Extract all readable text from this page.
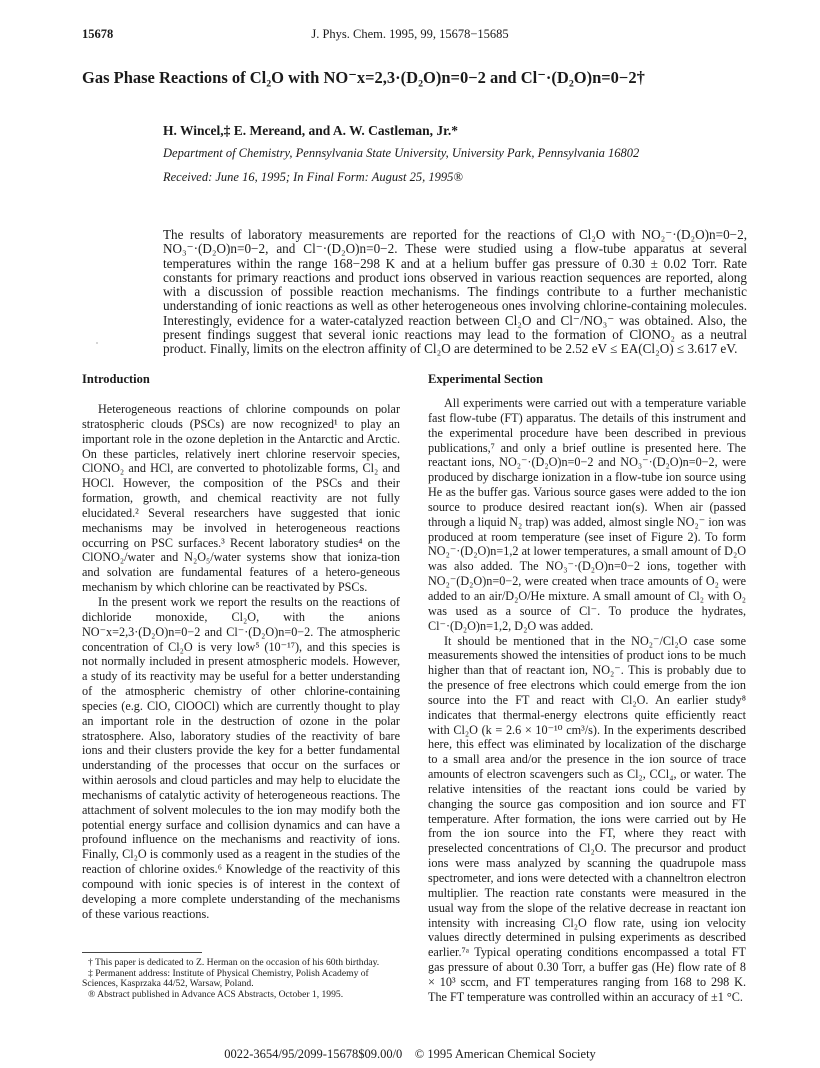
J. Phys. Chem. 1995, 99, 15678−15685
15678
Gas Phase Reactions of Cl₂O with NO⁻x=2,3·(D₂O)n=0−2 and Cl⁻·(D₂O)n=0−2†
H. Wincel,‡ E. Mereand, and A. W. Castleman, Jr.*
Department of Chemistry, Pennsylvania State University, University Park, Pennsylvania 16802
Received: June 16, 1995; In Final Form: August 25, 1995®
The results of laboratory measurements are reported for the reactions of Cl₂O with NO₂⁻·(D₂O)n=0−2, NO₃⁻·(D₂O)n=0−2, and Cl⁻·(D₂O)n=0−2. These were studied using a flow-tube apparatus at several temperatures within the range 168−298 K and at a helium buffer gas pressure of 0.30 ± 0.02 Torr. Rate constants for primary reactions and product ions observed in various reaction sequences are reported, along with a discussion of possible reaction mechanisms. The findings contribute to a further mechanistic understanding of ionic reactions as well as other heterogeneous ones involving chlorine-containing molecules. Interestingly, evidence for a water-catalyzed reaction between Cl₂O and Cl⁻/NO₃⁻ was obtained. Also, the present findings suggest that several ionic reactions may lead to the formation of ClONO₂ as a neutral product. Finally, limits on the electron affinity of Cl₂O are determined to be 2.52 eV ≤ EA(Cl₂O) ≤ 3.617 eV.
Introduction

Heterogeneous reactions of chlorine compounds on polar stratospheric clouds (PSCs) are now recognized¹ to play an important role in the ozone depletion in the Antarctic and Arctic. On these particles, relatively inert chlorine reservoir species, ClONO₂ and HCl, are converted to photolizable forms, Cl₂ and HOCl. However, the composition of the PSCs and their formation, growth, and chemical reactivity are not fully elucidated.² Several researchers have suggested that ionic mechanisms may be involved in heterogeneous reactions occurring on PSC surfaces.³ Recent laboratory studies⁴ on the ClONO₂/water and N₂O₅/water systems show that ioniza-tion and solvation are fundamental features of a hetero-geneous mechanism by which chlorine can be reactivated by PSCs.

In the present work we report the results on the reactions of dichloride monoxide, Cl₂O, with the anions NO⁻x=2,3·(D₂O)n=0−2 and Cl⁻·(D₂O)n=0−2. The atmospheric concentration of Cl₂O is very low⁵ (10⁻¹⁷), and this species is not normally included in present atmospheric models. However, a study of its reactivity may be useful for a better understanding of the atmospheric chemistry of other chlorine-containing species (e.g. ClO, ClOOCl) which are currently thought to play an important role in the destruction of ozone in the polar stratosphere. Also, laboratory studies of the reactivity of bare ions and their clusters provide the key for a better fundamental understanding of the processes that occur on the surfaces or within aerosols and cloud particles and may help to elucidate the mechanisms of catalytic activity of heterogeneous reactions. The attachment of solvent molecules to the ion may modify both the potential energy surface and collision dynamics and can have a profound influence on the mechanisms and reactivity of ions. Finally, Cl₂O is commonly used as a reagent in the studies of the reaction of chlorine oxides.⁶ Knowledge of the reactivity of this compound with ionic species is of interest in the context of developing a more complete understanding of the mechanisms of these various reactions.

Experimental Section

All experiments were carried out with a temperature variable fast flow-tube (FT) apparatus. The details of this instrument and the experimental procedure have been described in previous publications,⁷ and only a brief outline is presented here. The reactant ions, NO₂⁻·(D₂O)n=0−2 and NO₃⁻·(D₂O)n=0−2, were produced by discharge ionization in a flow-tube ion source using He as the buffer gas. Various source gases were added to the ion source to produce desired reactant ion(s). When air (passed through a liquid N₂ trap) was added, almost single NO₂⁻ ion was produced at room temperature (see inset of Figure 2). To form NO₂⁻·(D₂O)n=1,2 at lower temperatures, a small amount of D₂O was also added. The NO₃⁻·(D₂O)n=0−2 ions, together with NO₂⁻(D₂O)n=0−2, were created when trace amounts of O₂ were added to an air/D₂O/He mixture. A small amount of Cl₂ with O₂ was used as a source of Cl⁻. To produce the hydrates, Cl⁻·(D₂O)n=1,2, D₂O was added.

It should be mentioned that in the NO₂⁻/Cl₂O case some measurements showed the intensities of product ions to be much higher than that of reactant ion, NO₂⁻. This is probably due to the presence of free electrons which could emerge from the ion source into the FT and react with Cl₂O. An earlier study⁸ indicates that thermal-energy electrons quite efficiently react with Cl₂O (k = 2.6 × 10⁻¹⁰ cm³/s). In the experiments described here, this effect was eliminated by localization of the discharge to a small area and/or the presence in the ion source of trace amounts of electron scavengers such as Cl₂, CCl₄, or water. The relative intensities of the reactant ions could be varied by changing the source gas composition and ion source and FT temperature. After formation, the ions were carried out by He from the ion source into the FT, where they react with preselected concentrations of Cl₂O. The precursor and product ions were mass analyzed by scanning the quadrupole mass spectrometer, and ions were detected with a channeltron electron multiplier. The reaction rate constants were measured in the usual way from the slope of the relative decrease in reactant ion intensity with increasing Cl₂O flow rate, using ion velocity values directly determined in pulsing experiments as described earlier.⁷ᵃ Typical operating conditions encompassed a total FT gas pressure of about 0.30 Torr, a buffer gas (He) flow rate of 8 × 10³ sccm, and FT temperatures ranging from 168 to 298 K. The FT temperature was controlled within an accuracy of ±1 °C.

† This paper is dedicated to Z. Herman on the occasion of his 60th birthday.

‡ Permanent address: Institute of Physical Chemistry, Polish Academy of Sciences, Kasprzaka 44/52, Warsaw, Poland.

® Abstract published in Advance ACS Abstracts, October 1, 1995.

0022-3654/95/2099-15678$09.00/0    © 1995 American Chemical Society
